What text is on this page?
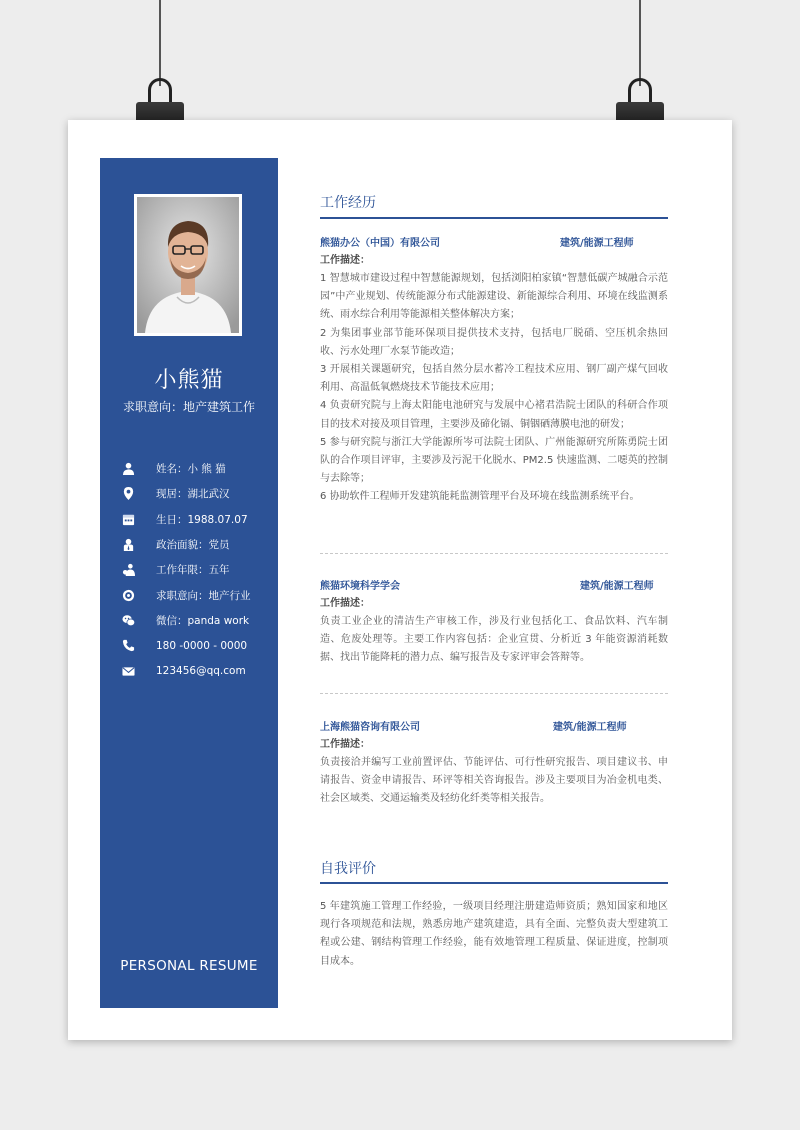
小熊猫
求职意向：地产建筑工作
姓名：小 熊 猫
现居：湖北武汉
生日：1988.07.07
政治面貌：党员
工作年限：五年
求职意向：地产行业
微信：panda work
180 -0000 - 0000
123456@qq.com
PERSONAL RESUME
工作经历
熊猫办公（中国）有限公司	建筑/能源工程师
工作描述：

1 智慧城市建设过程中智慧能源规划，包括浏阳柏家镇“智慧低碳产城融合示范园”中产业规划、传统能源分布式能源建设、新能源综合利用、环境在线监测系统、雨水综合利用等能源相关整体解决方案；

2 为集团事业部节能环保项目提供技术支持，包括电厂脱硝、空压机余热回收、污水处理厂水泵节能改造；

3 开展相关课题研究，包括自然分层水蓄冷工程技术应用、钢厂副产煤气回收利用、高温低氧燃烧技术节能技术应用；

4 负责研究院与上海太阳能电池研究与发展中心褚君浩院士团队的科研合作项目的技术对接及项目管理，主要涉及碲化镉、铜铟硒薄膜电池的研发；

5 参与研究院与浙江大学能源所岑可法院士团队、广州能源研究所陈勇院士团队的合作项目评审，主要涉及污泥干化脱水、PM2.5 快速监测、二噁英的控制与去除等；

6 协助软件工程师开发建筑能耗监测管理平台及环境在线监测系统平台。

熊猫环境科学学会	建筑/能源工程师
工作描述：

负责工业企业的清洁生产审核工作，涉及行业包括化工、食品饮料、汽车制造、危废处理等。主要工作内容包括：企业宣贯、分析近 3 年能资源消耗数据、找出节能降耗的潜力点、编写报告及专家评审会答辩等。

上海熊猫咨询有限公司	建筑/能源工程师
工作描述：

负责接洽并编写工业前置评估、节能评估、可行性研究报告、项目建议书、申请报告、资金申请报告、环评等相关咨询报告。涉及主要项目为冶金机电类、社会区域类、交通运输类及轻纺化纤类等相关报告。

自我评价
5 年建筑施工管理工作经验，一级项目经理注册建造师资质；熟知国家和地区现行各项规范和法规，熟悉房地产建筑建造，具有全面、完整负责大型建筑工程或公建、钢结构管理工作经验，能有效地管理工程质量、保证进度，控制项目成本。
